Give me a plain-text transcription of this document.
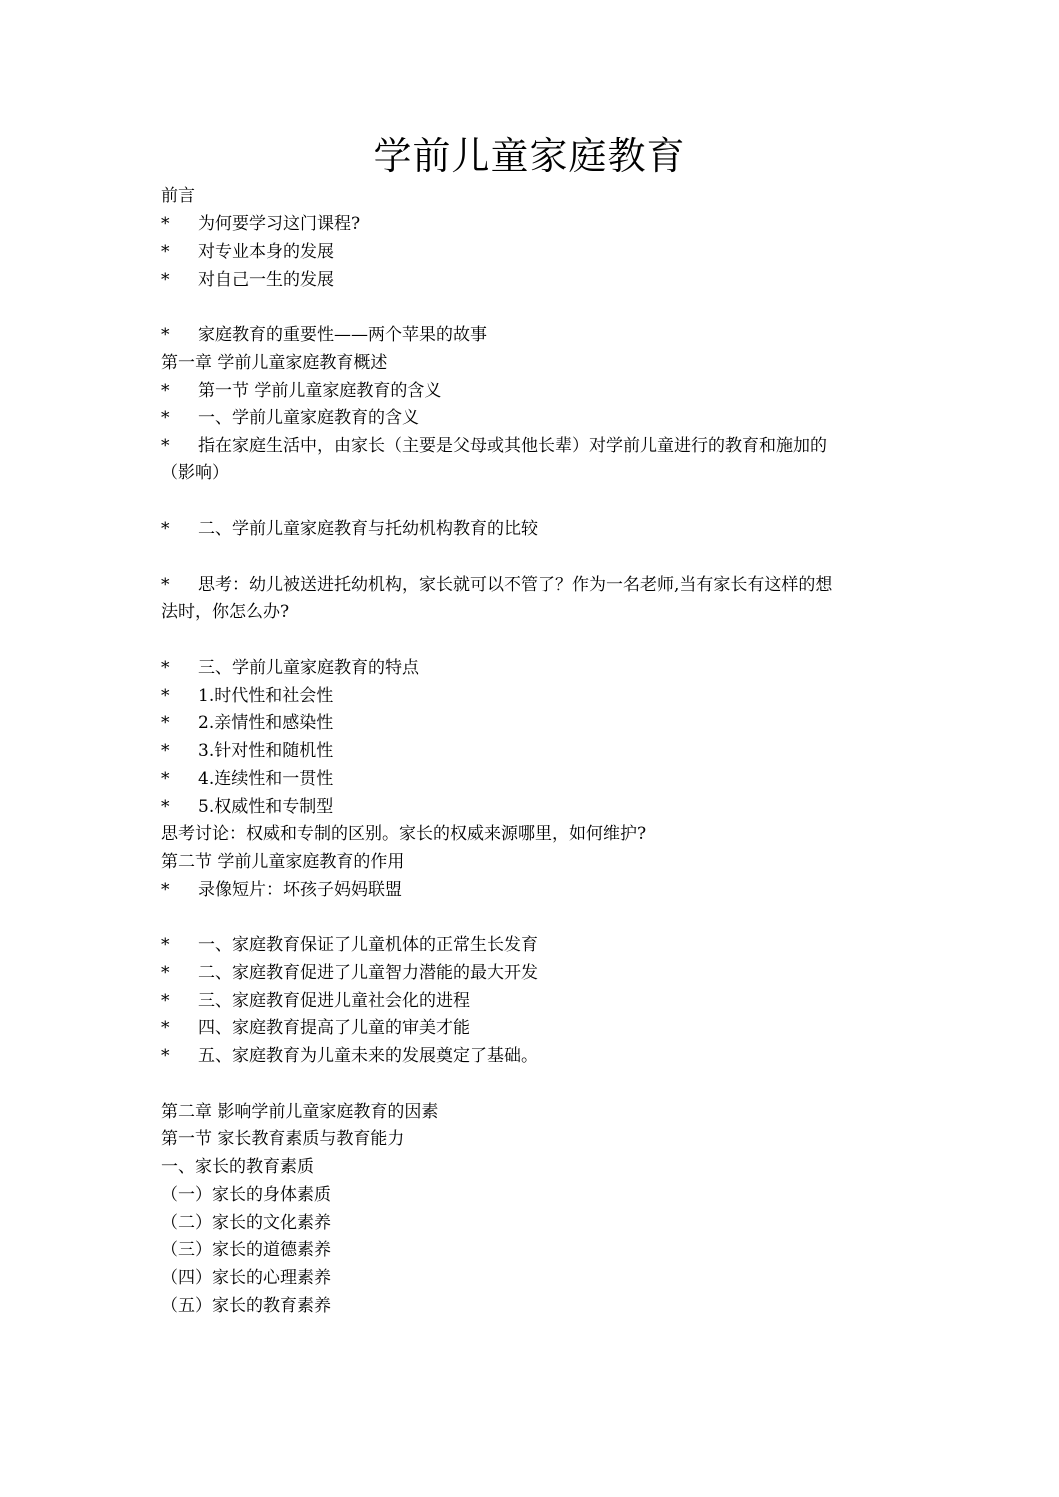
学前儿童家庭教育
前言
* 为何要学习这门课程?
* 对专业本身的发展
* 对自己一生的发展
* 家庭教育的重要性——两个苹果的故事
第一章 学前儿童家庭教育概述
* 第一节 学前儿童家庭教育的含义
* 一、学前儿童家庭教育的含义
* 指在家庭生活中，由家长（主要是父母或其他长辈）对学前儿童进行的教育和施加的
（影响）
* 二、学前儿童家庭教育与托幼机构教育的比较
* 思考：幼儿被送进托幼机构，家长就可以不管了？作为一名老师,当有家长有这样的想
法时，你怎么办?
* 三、学前儿童家庭教育的特点
* 1.时代性和社会性
* 2.亲情性和感染性
* 3.针对性和随机性
* 4.连续性和一贯性
* 5.权威性和专制型
思考讨论：权威和专制的区别。家长的权威来源哪里，如何维护?
第二节 学前儿童家庭教育的作用
* 录像短片：坏孩子妈妈联盟
* 一、家庭教育保证了儿童机体的正常生长发育
* 二、家庭教育促进了儿童智力潜能的最大开发
* 三、家庭教育促进儿童社会化的进程
* 四、家庭教育提高了儿童的审美才能
* 五、家庭教育为儿童未来的发展奠定了基础。
第二章 影响学前儿童家庭教育的因素
第一节 家长教育素质与教育能力
一、家长的教育素质
（一）家长的身体素质
（二）家长的文化素养
（三）家长的道德素养
（四）家长的心理素养
（五）家长的教育素养
